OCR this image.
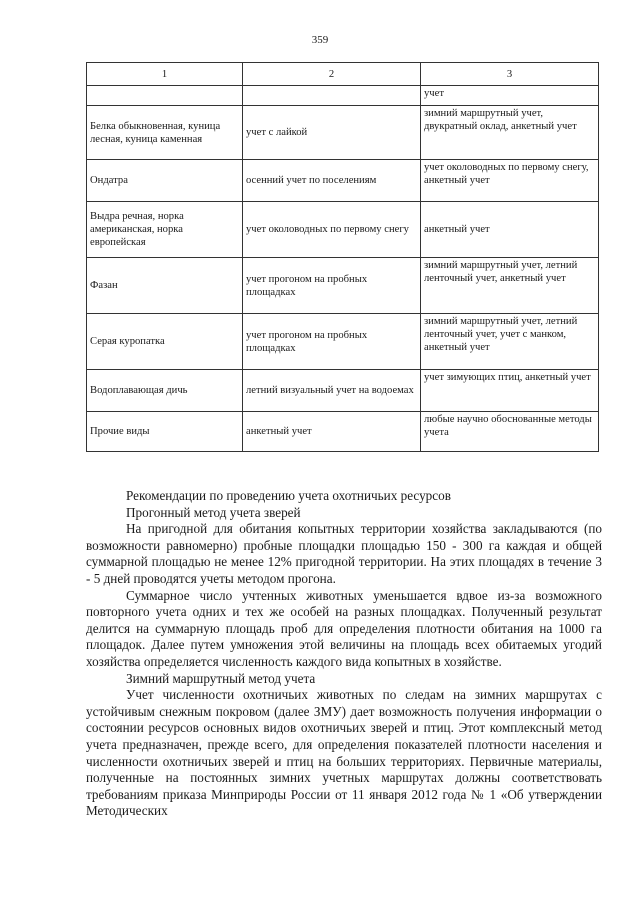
359
1	2	3
		учет
Белка обыкновенная, куница лесная, куница каменная	учет с лайкой	зимний маршрутный учет, двукратный оклад, анкетный учет
Ондатра	осенний учет по поселениям	учет околоводных по первому снегу, анкетный учет
Выдра речная, норка американская, норка европейская	учет околоводных по первому снегу	анкетный учет
Фазан	учет прогоном на пробных площадках	зимний маршрутный учет, летний ленточный учет, анкетный учет
Серая куропатка	учет прогоном на пробных площадках	зимний маршрутный учет, летний ленточный учет, учет с манком, анкетный учет
Водоплавающая дичь	летний визуальный учет на водоемах	учет зимующих птиц, анкетный учет
Прочие виды	анкетный учет	любые научно обоснованные методы учета

Рекомендации по проведению учета охотничьих ресурсов

Прогонный метод учета зверей

На пригодной для обитания копытных территории хозяйства закладываются (по возможности равномерно) пробные площадки площадью 150 - 300 га каждая и общей суммарной площадью не менее 12% пригодной территории. На этих площадях в течение 3 - 5 дней проводятся учеты методом прогона.

Суммарное число учтенных животных уменьшается вдвое из-за возможного повторного учета одних и тех же особей на разных площадках. Полученный результат делится на суммарную площадь проб для определения плотности обитания на 1000 га площадок. Далее путем умножения этой величины на площадь всех обитаемых угодий хозяйства определяется численность каждого вида копытных в хозяйстве.

Зимний маршрутный метод учета

Учет численности охотничьих животных по следам на зимних маршрутах с устойчивым снежным покровом (далее ЗМУ) дает возможность получения информации о состоянии ресурсов основных видов охотничьих зверей и птиц. Этот комплексный метод учета предназначен, прежде всего, для определения показателей плотности населения и численности охотничьих зверей и птиц на больших территориях. Первичные материалы, полученные на постоянных зимних учетных маршрутах должны соответствовать требованиям приказа Минприроды России от 11 января 2012 года № 1 «Об утверждении Методических
